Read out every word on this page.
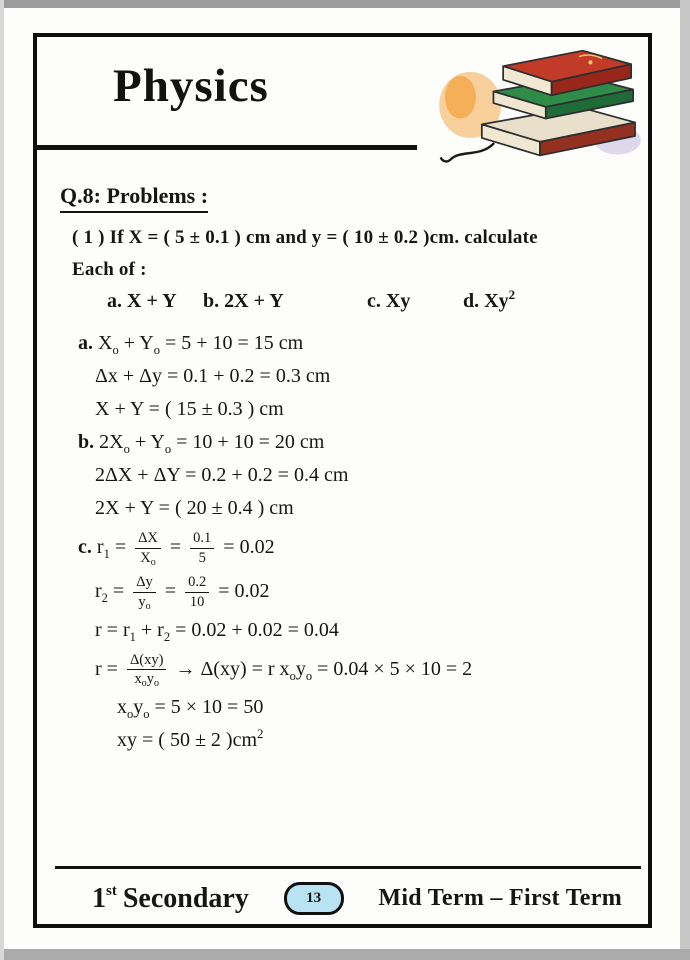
Physics
Q.8: Problems :
( 1 ) If X = ( 5 ± 0.1 ) cm and y = ( 10 ± 0.2 )cm. calculate
Each of :
a. X + Y b. 2X + Y	c. Xy	d. Xy$^2$
a. $X_o + Y_o = 5 + 10 = 15$ cm
Δx + Δy = 0.1 + 0.2 = 0.3 cm
X + Y = ( 15 ± 0.3 ) cm
b. $2X_o + Y_o = 10 + 10 = 20$ cm
2ΔX + ΔY = 0.2 + 0.2 = 0.4 cm
2X + Y = ( 20 ± 0.4 ) cm
c. $r_1 = \frac{\Delta X}{X_o} = \frac{0.1}{5} = 0.02$
$r_2 = \frac{\Delta y}{y_o} = \frac{0.2}{10} = 0.02$
$r = r_1 + r_2 = 0.02 + 0.02 = 0.04$
$r = \frac{\Delta(xy)}{x_oy_o} \to \Delta(xy) = r$ $x_oy_o = 0.04 \times 5 \times 10 = 2$
$x_oy_o = 5 \times 10 = 50$
xy = ( 50 ± 2 )$cm^2$
1st Secondary	13 Mid Term – First Term
